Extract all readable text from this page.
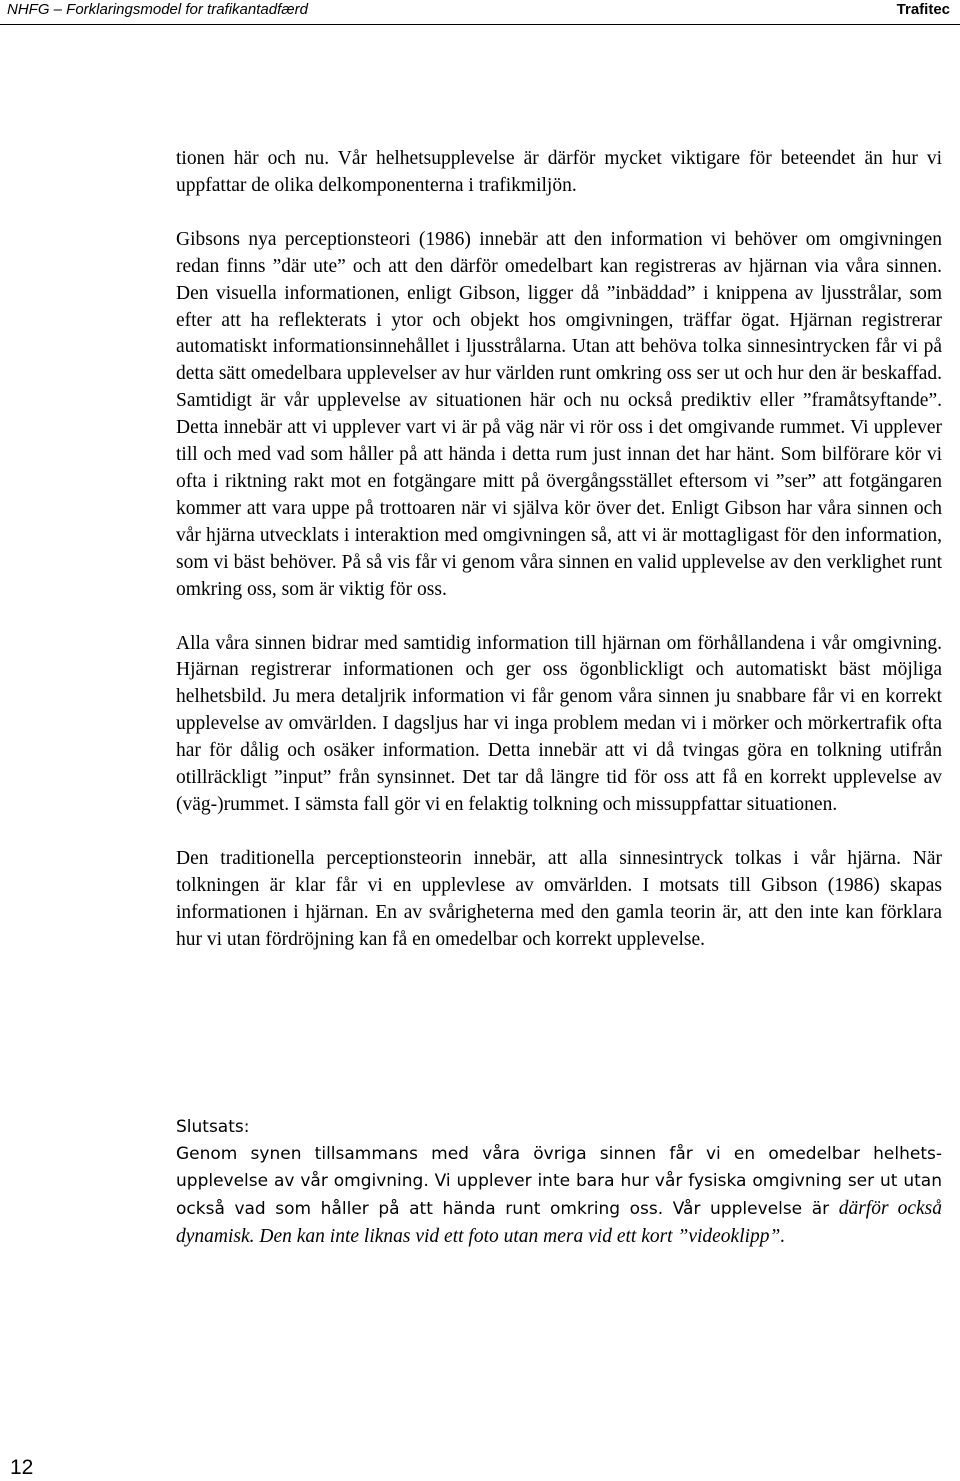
NHFG – Forklaringsmodel for trafikantadfærd	Trafitec

tionen här och nu. Vår helhetsupplevelse är därför mycket viktigare för beteendet än hur vi uppfattar de olika delkomponenterna i trafikmiljön.

Gibsons nya perceptionsteori (1986) innebär att den information vi behöver om omgivningen redan finns ”där ute” och att den därför omedelbart kan registreras av hjärnan via våra sinnen. Den visuella informationen, enligt Gibson, ligger då ”inbäddad” i knippena av ljusstrålar, som efter att ha reflekterats i ytor och objekt hos omgivningen, träffar ögat. Hjärnan registrerar automatiskt informationsinnehållet i ljusstrålarna. Utan att behöva tolka sinnesintrycken får vi på detta sätt omedelbara upplevelser av hur världen runt omkring oss ser ut och hur den är beskaffad. Samtidigt är vår upplevelse av situationen här och nu också prediktiv eller ”framåtsyftande”. Detta innebär att vi upplever vart vi är på väg när vi rör oss i det omgivande rummet. Vi upplever till och med vad som håller på att hända i detta rum just innan det har hänt. Som bilförare kör vi ofta i riktning rakt mot en fotgängare mitt på övergångsstället eftersom vi ”ser” att fotgängaren kommer att vara uppe på trottoaren när vi själva kör över det. Enligt Gibson har våra sinnen och vår hjärna utvecklats i interaktion med omgivningen så, att vi är mottagligast för den information, som vi bäst behöver. På så vis får vi genom våra sinnen en valid upplevelse av den verklighet runt omkring oss, som är viktig för oss.

Alla våra sinnen bidrar med samtidig information till hjärnan om förhållandena i vår omgivning. Hjärnan registrerar informationen och ger oss ögonblickligt och automatiskt bäst möjliga helhetsbild. Ju mera detaljrik information vi får genom våra sinnen ju snabbare får vi en korrekt upplevelse av omvärlden. I dagsljus har vi inga problem medan vi i mörker och mörkertrafik ofta har för dålig och osäker information. Detta innebär att vi då tvingas göra en tolkning utifrån otillräckligt ”input” från synsinnet. Det tar då längre tid för oss att få en korrekt upplevelse av (väg-)rummet. I sämsta fall gör vi en felaktig tolkning och missuppfattar situationen.

Den traditionella perceptionsteorin innebär, att alla sinnesintryck tolkas i vår hjärna. När tolkningen är klar får vi en upplevlese av omvärlden. I motsats till Gibson (1986) skapas informationen i hjärnan. En av svårigheterna med den gamla teorin är, att den inte kan förklara hur vi utan fördröjning kan få en omedelbar och korrekt upplevelse.

Slutsats:

Genom synen tillsammans med våra övriga sinnen får vi en omedelbar helhetsupplevelse av vår omgivning. Vi upplever inte bara hur vår fysiska omgivning ser ut utan också vad som håller på att hända runt omkring oss. Vår upplevelse är därför också dynamisk. Den kan inte liknas vid ett foto utan mera vid ett kort ”videoklipp”.

12
